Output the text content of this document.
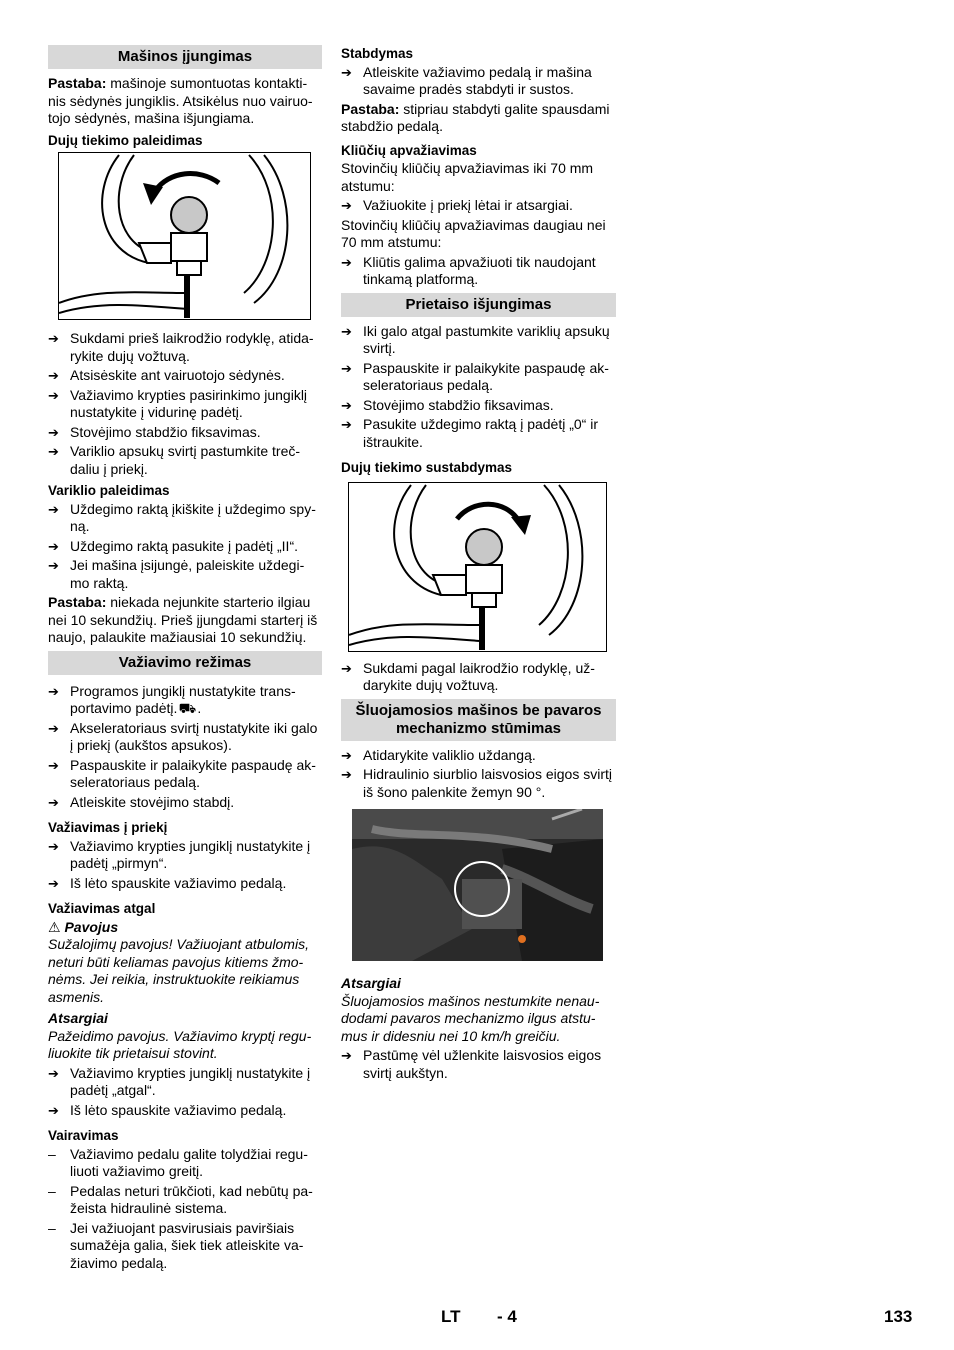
Mašinos įjungimas

Pastaba: mašinoje sumontuotas kontakti-nis sėdynės jungiklis. Atsikėlus nuo vairuo-tojo sėdynės, mašina išjungiama.

Dujų tiekimo paleidimas
➔ Sukdami prieš laikrodžio rodyklę, atida-rykite dujų vožtuvą.
➔ Atsisėskite ant vairuotojo sėdynės.
➔ Važiavimo krypties pasirinkimo jungiklį nustatykite į vidurinę padėtį.
➔ Stovėjimo stabdžio fiksavimas.
➔ Variklio apsukų svirtį pastumkite treč-daliu į priekį.
Variklio paleidimas
➔ Uždegimo raktą įkiškite į uždegimo spy-ną.
➔ Uždegimo raktą pasukite į padėtį „II“.
➔ Jei mašina įsijungė, paleiskite uždegi-mo raktą.

Pastaba: niekada nejunkite starterio ilgiau nei 10 sekundžių. Prieš įjungdami starterį iš naujo, palaukite mažiausiai 10 sekundžių.

Važiavimo režimas
➔ Programos jungiklį nustatykite trans-portavimo padėtį.⛟.
➔ Akseleratoriaus svirtį nustatykite iki galo į priekį (aukštos apsukos).
➔ Paspauskite ir palaikykite paspaudę ak-seleratoriaus pedalą.
➔ Atleiskite stovėjimo stabdį.
Važiavimas į priekį
➔ Važiavimo krypties jungiklį nustatykite į padėtį „pirmyn“.
➔ Iš lėto spauskite važiavimo pedalą.
Važiavimas atgal
⚠ Pavojus

Sužalojimų pavojus! Važiuojant atbulomis, neturi būti keliamas pavojus kitiems žmo-nėms. Jei reikia, instruktuokite reikiamus asmenis.

Atsargiai

Pažeidimo pavojus. Važiavimo kryptį regu-liuokite tik prietaisui stovint.

➔ Važiavimo krypties jungiklį nustatykite į padėtį „atgal“.
➔ Iš lėto spauskite važiavimo pedalą.
Vairavimas
– Važiavimo pedalu galite tolydžiai regu-liuoti važiavimo greitį.
– Pedalas neturi trūkčioti, kad nebūtų pa-žeista hidraulinė sistema.
– Jei važiuojant pasvirusiais paviršiais sumažėja galia, šiek tiek atleiskite va-žiavimo pedalą.
Stabdymas
➔ Atleiskite važiavimo pedalą ir mašina savaime pradės stabdyti ir sustos.

Pastaba: stipriau stabdyti galite spausdami stabdžio pedalą.

Kliūčių apvažiavimas

Stovinčių kliūčių apvažiavimas iki 70 mm atstumu:

➔ Važiuokite į priekį lėtai ir atsargiai.

Stovinčių kliūčių apvažiavimas daugiau nei 70 mm atstumu:

➔ Kliūtis galima apvažiuoti tik naudojant tinkamą platformą.
Prietaiso išjungimas
➔ Iki galo atgal pastumkite variklių apsukų svirtį.
➔ Paspauskite ir palaikykite paspaudę ak-seleratoriaus pedalą.
➔ Stovėjimo stabdžio fiksavimas.
➔ Pasukite uždegimo raktą į padėtį „0“ ir ištraukite.
Dujų tiekimo sustabdymas
➔ Sukdami pagal laikrodžio rodyklę, už-darykite dujų vožtuvą.
Šluojamosios mašinos be pavaros mechanizmo stūmimas
➔ Atidarykite valiklio uždangą.
➔ Hidraulinio siurblio laisvosios eigos svirtį iš šono palenkite žemyn 90 °.
Atsargiai

Šluojamosios mašinos nestumkite nenau-dodami pavaros mechanizmo ilgus atstu-mus ir didesniu nei 10 km/h greičiu.

➔ Pastūmę vėl užlenkite laisvosios eigos svirtį aukštyn.
LT - 4	133
